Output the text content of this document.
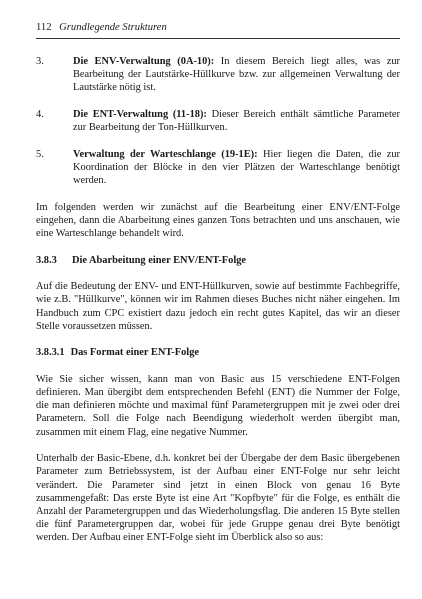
112 Grundlegende Strukturen
3.	Die ENV-Verwaltung (0A-10): In diesem Bereich liegt alles, was zur Bearbeitung der Lautstärke-Hüllkurve bzw. zur allgemeinen Verwaltung der Lautstärke nötig ist.
4.	Die ENT-Verwaltung (11-18): Dieser Bereich enthält sämtliche Parameter zur Bearbeitung der Ton-Hüllkurven.
5.	Verwaltung der Warteschlange (19-1E): Hier liegen die Daten, die zur Koordination der Blöcke in den vier Plätzen der Warteschlange benötigt werden.

Im folgenden werden wir zunächst auf die Bearbeitung einer ENV/ENT-Folge eingehen, dann die Abarbeitung eines ganzen Tons betrachten und uns anschauen, wie eine Warteschlange behandelt wird.

3.8.3 Die Abarbeitung einer ENV/ENT-Folge

Auf die Bedeutung der ENV- und ENT-Hüllkurven, sowie auf bestimmte Fachbegriffe, wie z.B. "Hüllkurve", können wir im Rahmen dieses Buches nicht näher eingehen. Im Handbuch zum CPC existiert dazu jedoch ein recht gutes Kapitel, das wir an dieser Stelle voraussetzen müssen.

3.8.3.1 Das Format einer ENT-Folge

Wie Sie sicher wissen, kann man von Basic aus 15 verschiedene ENT-Folgen definieren. Man übergibt dem entsprechenden Befehl (ENT) die Nummer der Folge, die man definieren möchte und maximal fünf Parametergruppen mit je zwei oder drei Parametern. Soll die Folge nach Beendigung wiederholt werden übergibt man, zusammen mit einem Flag, eine negative Nummer.

Unterhalb der Basic-Ebene, d.h. konkret bei der Übergabe der dem Basic übergebenen Parameter zum Betriebssystem, ist der Aufbau einer ENT-Folge nur sehr leicht verändert. Die Parameter sind jetzt in einen Block von genau 16 Byte zusammengefaßt: Das erste Byte ist eine Art "Kopfbyte" für die Folge, es enthält die Anzahl der Parametergruppen und das Wiederholungsflag. Die anderen 15 Byte stellen die fünf Parametergruppen dar, wobei für jede Gruppe genau drei Byte benötigt werden. Der Aufbau einer ENT-Folge sieht im Überblick also so aus:
